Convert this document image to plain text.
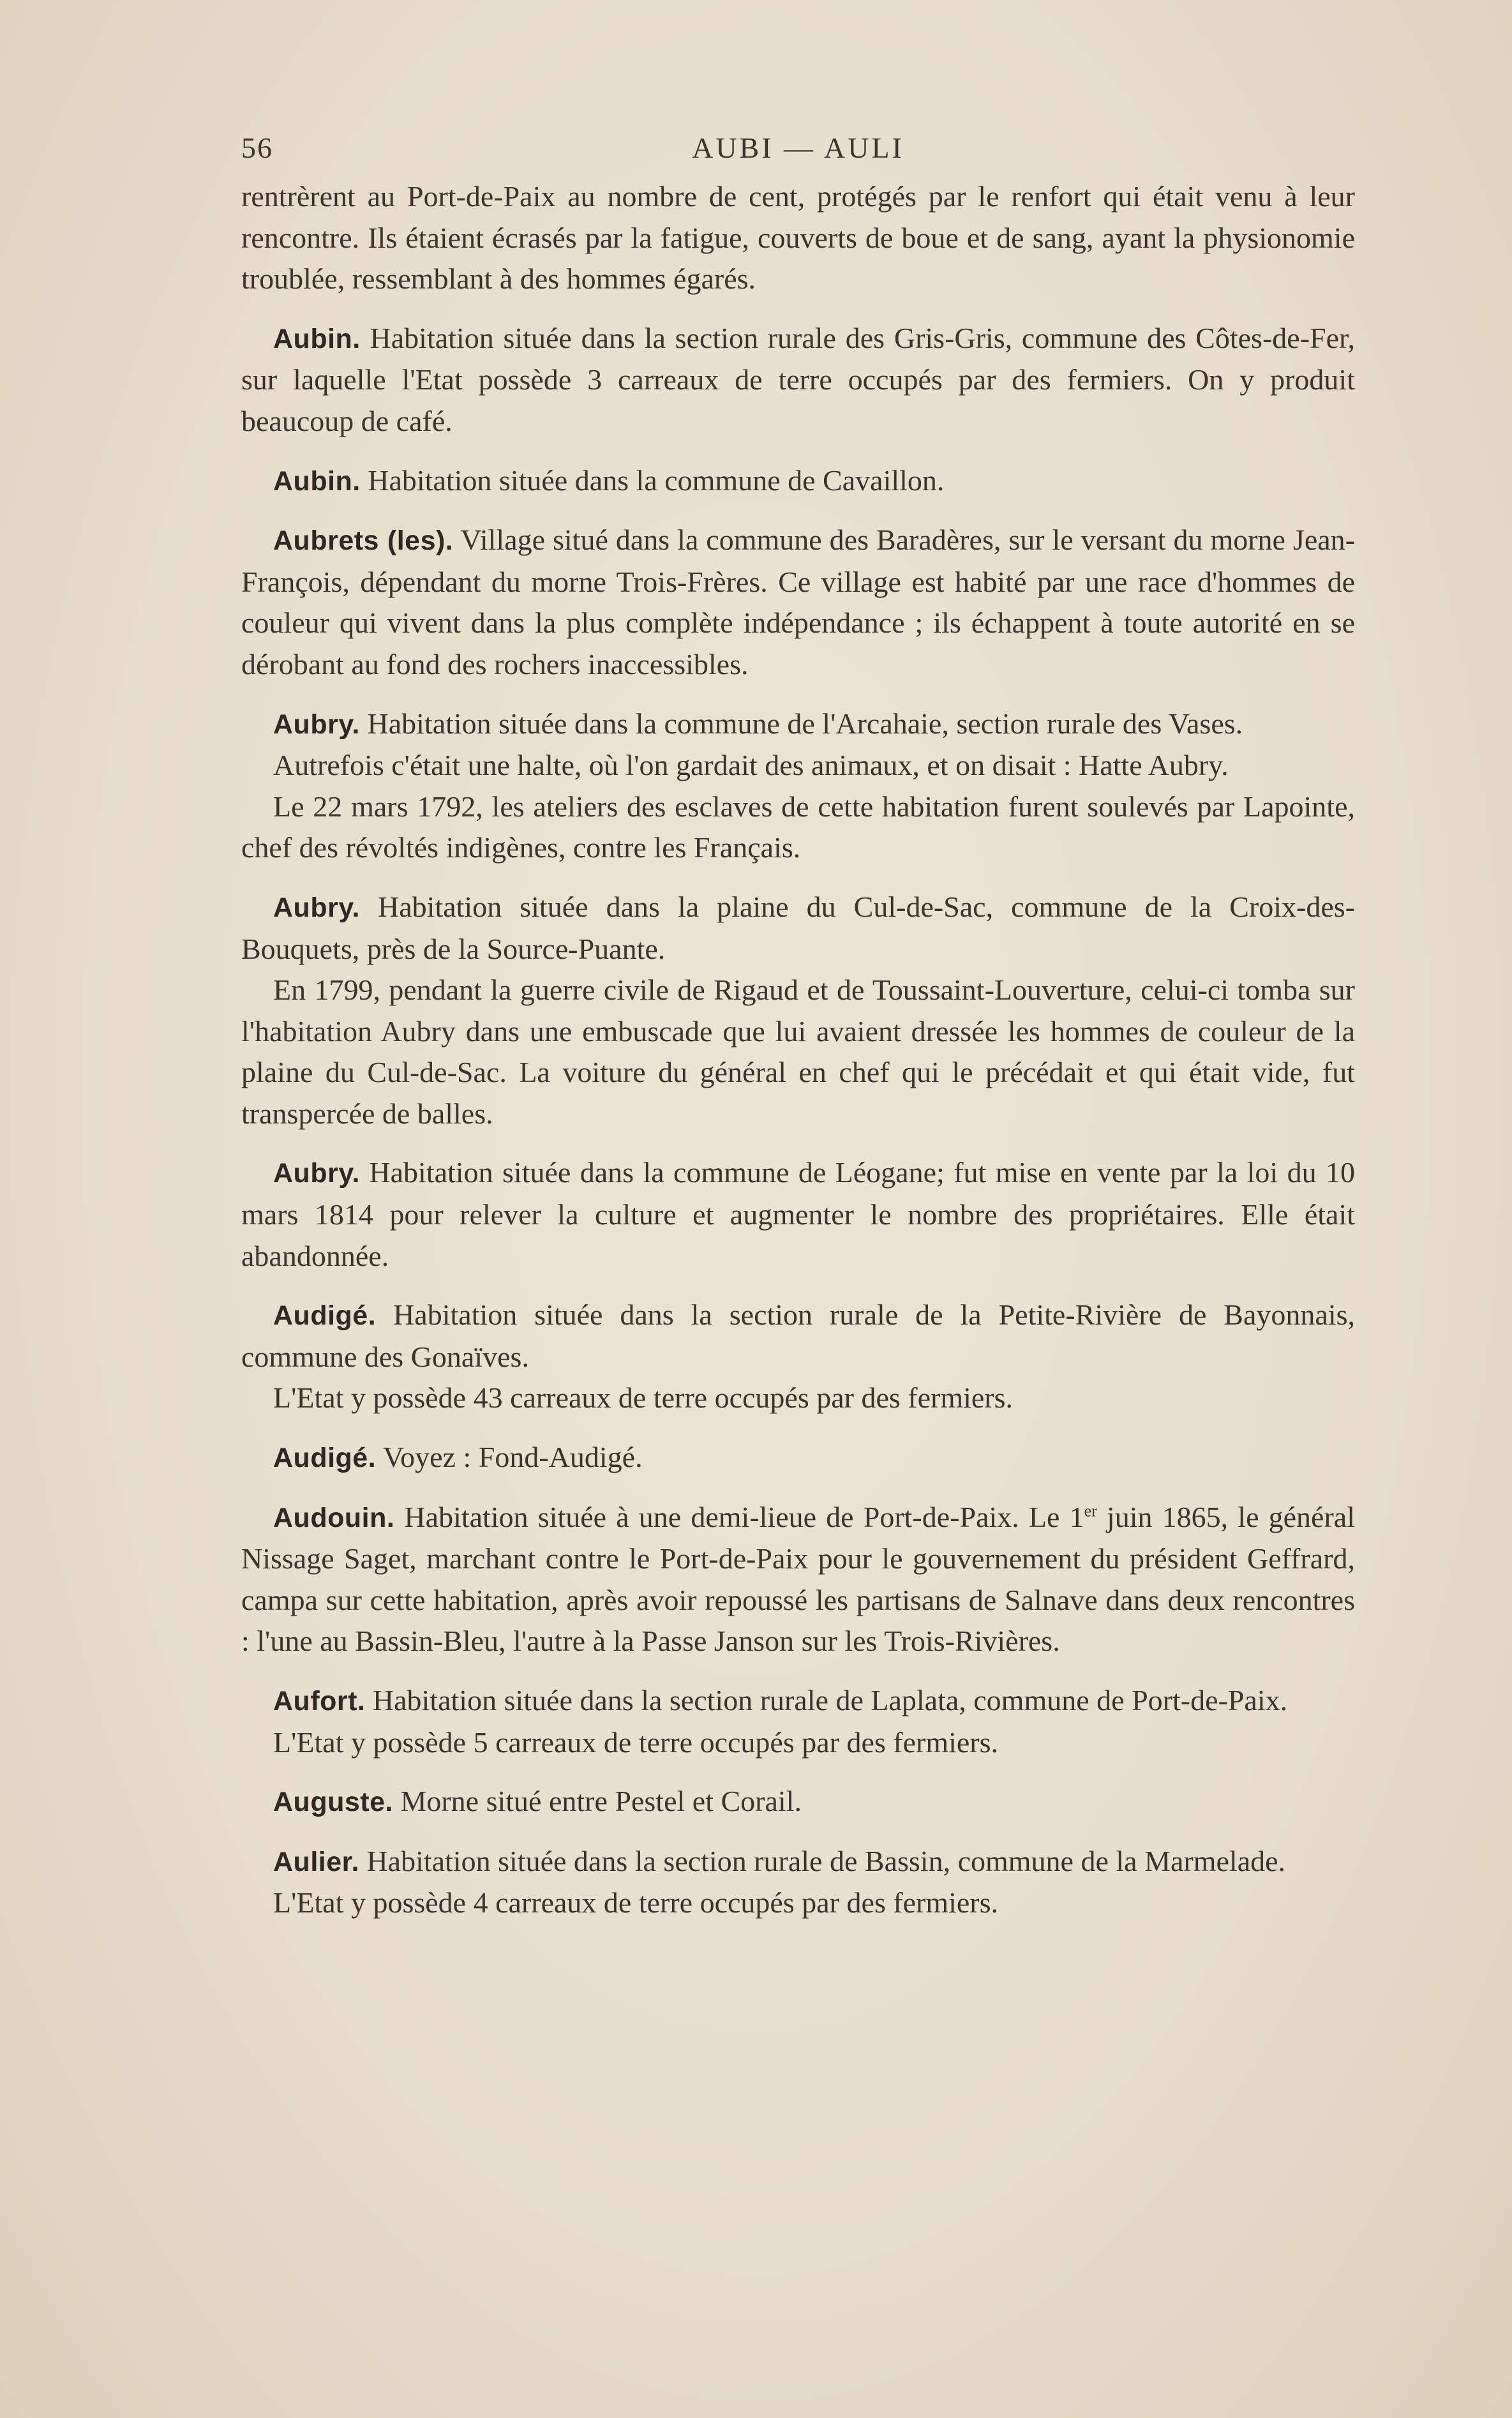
56	AUBI — AULI

rentrèrent au Port-de-Paix au nombre de cent, protégés par le renfort qui était venu à leur rencontre. Ils étaient écrasés par la fatigue, couverts de boue et de sang, ayant la physionomie troublée, ressemblant à des hommes égarés.

Aubin. Habitation située dans la section rurale des Gris-Gris, commune des Côtes-de-Fer, sur laquelle l'Etat possède 3 carreaux de terre occupés par des fermiers. On y produit beaucoup de café.

Aubin. Habitation située dans la commune de Cavaillon.

Aubrets (les). Village situé dans la commune des Baradères, sur le versant du morne Jean-François, dépendant du morne Trois-Frères. Ce village est habité par une race d'hommes de couleur qui vivent dans la plus complète indépendance ; ils échappent à toute autorité en se dérobant au fond des rochers inaccessibles.

Aubry. Habitation située dans la commune de l'Arcahaie, section rurale des Vases.

Autrefois c'était une halte, où l'on gardait des animaux, et on disait : Hatte Aubry.

Le 22 mars 1792, les ateliers des esclaves de cette habitation furent soulevés par Lapointe, chef des révoltés indigènes, contre les Français.

Aubry. Habitation située dans la plaine du Cul-de-Sac, commune de la Croix-des-Bouquets, près de la Source-Puante.

En 1799, pendant la guerre civile de Rigaud et de Toussaint-Louverture, celui-ci tomba sur l'habitation Aubry dans une embuscade que lui avaient dressée les hommes de couleur de la plaine du Cul-de-Sac. La voiture du général en chef qui le précédait et qui était vide, fut transpercée de balles.

Aubry. Habitation située dans la commune de Léogane; fut mise en vente par la loi du 10 mars 1814 pour relever la culture et augmenter le nombre des propriétaires. Elle était abandonnée.

Audigé. Habitation située dans la section rurale de la Petite-Rivière de Bayonnais, commune des Gonaïves.

L'Etat y possède 43 carreaux de terre occupés par des fermiers.

Audigé. Voyez : Fond-Audigé.

Audouin. Habitation située à une demi-lieue de Port-de-Paix. Le 1er juin 1865, le général Nissage Saget, marchant contre le Port-de-Paix pour le gouvernement du président Geffrard, campa sur cette habitation, après avoir repoussé les partisans de Salnave dans deux rencontres : l'une au Bassin-Bleu, l'autre à la Passe Janson sur les Trois-Rivières.

Aufort. Habitation située dans la section rurale de Laplata, commune de Port-de-Paix.

L'Etat y possède 5 carreaux de terre occupés par des fermiers.

Auguste. Morne situé entre Pestel et Corail.

Aulier. Habitation située dans la section rurale de Bassin, commune de la Marmelade.

L'Etat y possède 4 carreaux de terre occupés par des fermiers.
